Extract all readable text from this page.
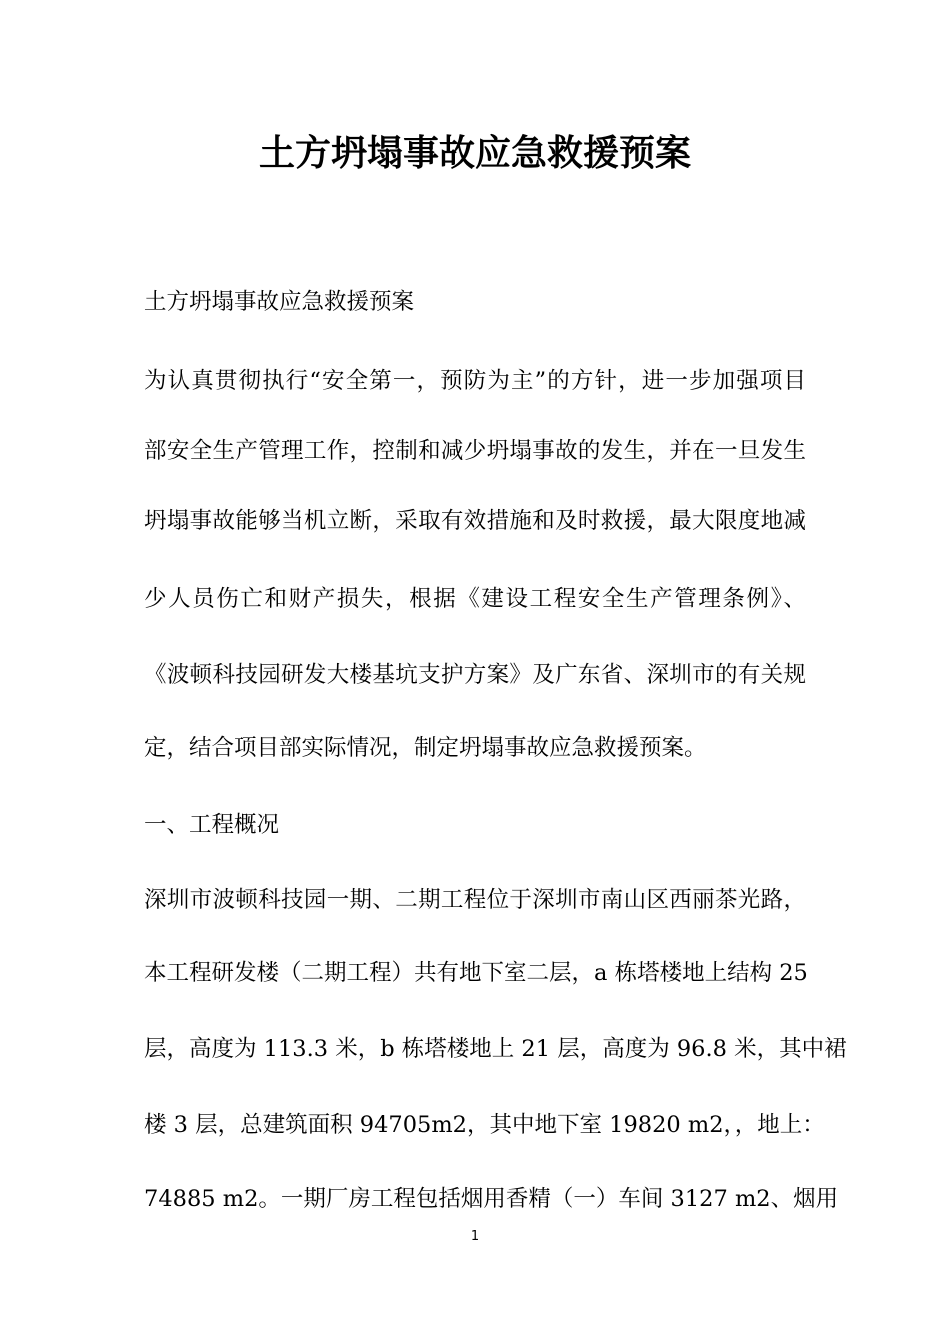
土方坍塌事故应急救援预案

土方坍塌事故应急救援预案

为认真贯彻执行“安全第一，预防为主”的方针，进一步加强项目

部安全生产管理工作，控制和减少坍塌事故的发生，并在一旦发生

坍塌事故能够当机立断，采取有效措施和及时救援，最大限度地减

少人员伤亡和财产损失，根据《建设工程安全生产管理条例》、

《波顿科技园研发大楼基坑支护方案》及广东省、深圳市的有关规

定，结合项目部实际情况，制定坍塌事故应急救援预案。

一、工程概况

深圳市波顿科技园一期、二期工程位于深圳市南山区西丽茶光路，

本工程研发楼（二期工程）共有地下室二层，a 栋塔楼地上结构 25

层，高度为 113.3 米，b 栋塔楼地上 21 层，高度为 96.8 米，其中裙

楼 3 层，总建筑面积 94705m2，其中地下室 19820 m2，，地上：

74885 m2。一期厂房工程包括烟用香精（一）车间 3127 m2、烟用

1
